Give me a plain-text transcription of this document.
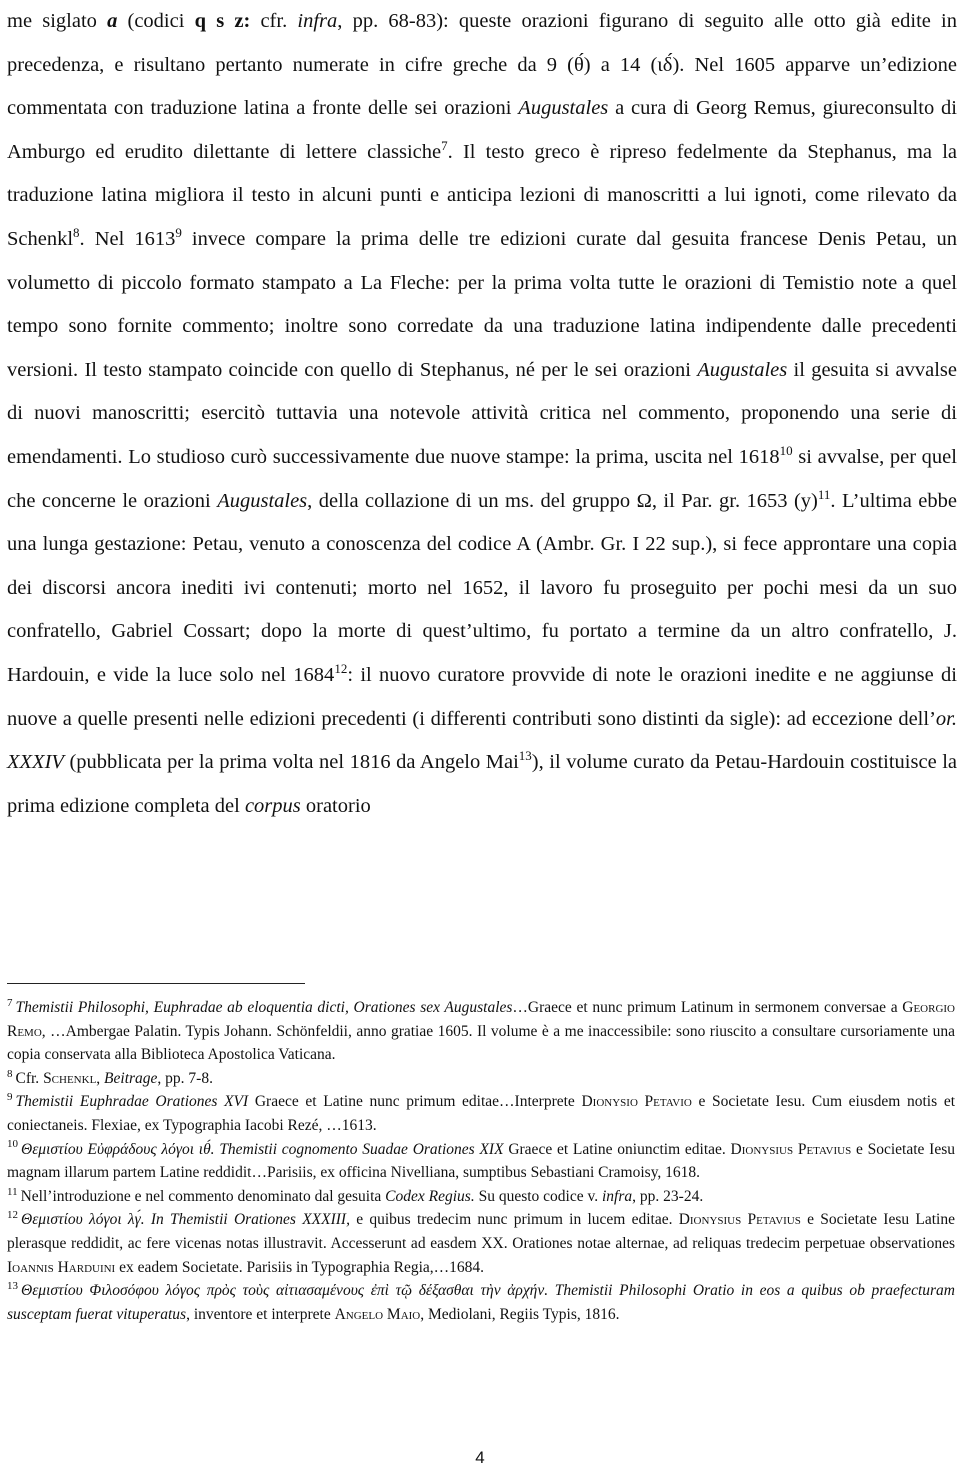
me siglato a (codici q s z: cfr. infra, pp. 68-83): queste orazioni figurano di seguito alle otto già edite in precedenza, e risultano pertanto numerate in cifre greche da 9 (θ́) a 14 (ιδ́). Nel 1605 apparve un’edizione commentata con traduzione latina a fronte delle sei orazioni Augustales a cura di Georg Remus, giureconsulto di Amburgo ed erudito dilettante di lettere classiche$^7$. Il testo greco è ripreso fedelmente da Stephanus, ma la traduzione latina migliora il testo in alcuni punti e anticipa lezioni di manoscritti a lui ignoti, come rilevato da Schenkl$^8$. Nel 1613$^9$ invece compare la prima delle tre edizioni curate dal gesuita francese Denis Petau, un volumetto di piccolo formato stampato a La Fleche: per la prima volta tutte le orazioni di Temistio note a quel tempo sono fornite commento; inoltre sono corredate da una traduzione latina indipendente dalle precedenti versioni. Il testo stampato coincide con quello di Stephanus, né per le sei orazioni Augustales il gesuita si avvalse di nuovi manoscritti; esercitò tuttavia una notevole attività critica nel commento, proponendo una serie di emendamenti. Lo studioso curò successivamente due nuove stampe: la prima, uscita nel 1618$^{10}$ si avvalse, per quel che concerne le orazioni Augustales, della collazione di un ms. del gruppo Ω, il Par. gr. 1653 $(y)^{11}$. L’ultima ebbe una lunga gestazione: Petau, venuto a conoscenza del codice A (Ambr. Gr. I 22 sup.), si fece approntare una copia dei discorsi ancora inediti ivi contenuti; morto nel 1652, il lavoro fu proseguito per pochi mesi da un suo confratello, Gabriel Cossart; dopo la morte di quest’ultimo, fu portato a termine da un altro confratello, J. Hardouin, e vide la luce solo nel 1684$^{12}$: il nuovo curatore provvide di note le orazioni inedite e ne aggiunse di nuove a quelle presenti nelle edizioni precedenti (i differenti contributi sono distinti da sigle): ad eccezione dell’or. XXXIV (pubblicata per la prima volta nel 1816 da Angelo Mai$^{13}$), il volume curato da Petau-Hardouin costituisce la prima edizione completa del corpus oratorio

$^7$ Themistii Philosophi, Euphradae ab eloquentia dicti, Orationes sex Augustales…Graece et nunc primum Latinum in sermonem conversae a Georgio Remo, …Ambergae Palatin. Typis Johann. Schönfeldii, anno gratiae 1605. Il volume è a me inaccessibile: sono riuscito a consultare cursoriamente una copia conservata alla Biblioteca Apostolica Vaticana.

$^8$ Cfr. Schenkl, Beitrage, pp. 7-8.

$^9$ Themistii Euphradae Orationes XVI Graece et Latine nunc primum editae…Interprete Dionysio Petavio e Societate Iesu. Cum eiusdem notis et coniectaneis. Flexiae, ex Typographia Iacobi Rezé, …1613.

$^{10}$ Θεμιστίου Εὐφράδους λόγοι ιθ́. Themistii cognomento Suadae Orationes XIX Graece et Latine oniunctim editae. Dionysius Petavius e Societate Iesu magnam illarum partem Latine reddidit…Parisiis, ex officina Nivelliana, sumptibus Sebastiani Cramoisy, 1618.

$^{11}$ Nell’introduzione e nel commento denominato dal gesuita Codex Regius. Su questo codice v. infra, pp. 23-24.

$^{12}$ Θεμιστίου λόγοι λγ́. In Themistii Orationes XXXIII, e quibus tredecim nunc primum in lucem editae. Dionysius Petavius e Societate Iesu Latine plerasque reddidit, ac fere vicenas notas illustravit. Accesserunt ad easdem XX. Orationes notae alternae, ad reliquas tredecim perpetuae observationes Ioannis Harduini ex eadem Societate. Parisiis in Typographia Regia,…1684.

$^{13}$ Θεμιστίου Φιλοσόφου λόγος πρὸς τοὺς αἰτιασαμένους ἐπὶ τῷ δέξασθαι τὴν ἀρχήν. Themistii Philosophi Oratio in eos a quibus ob praefecturam susceptam fuerat vituperatus, inventore et interprete Angelo Maio, Mediolani, Regiis Typis, 1816.

4
